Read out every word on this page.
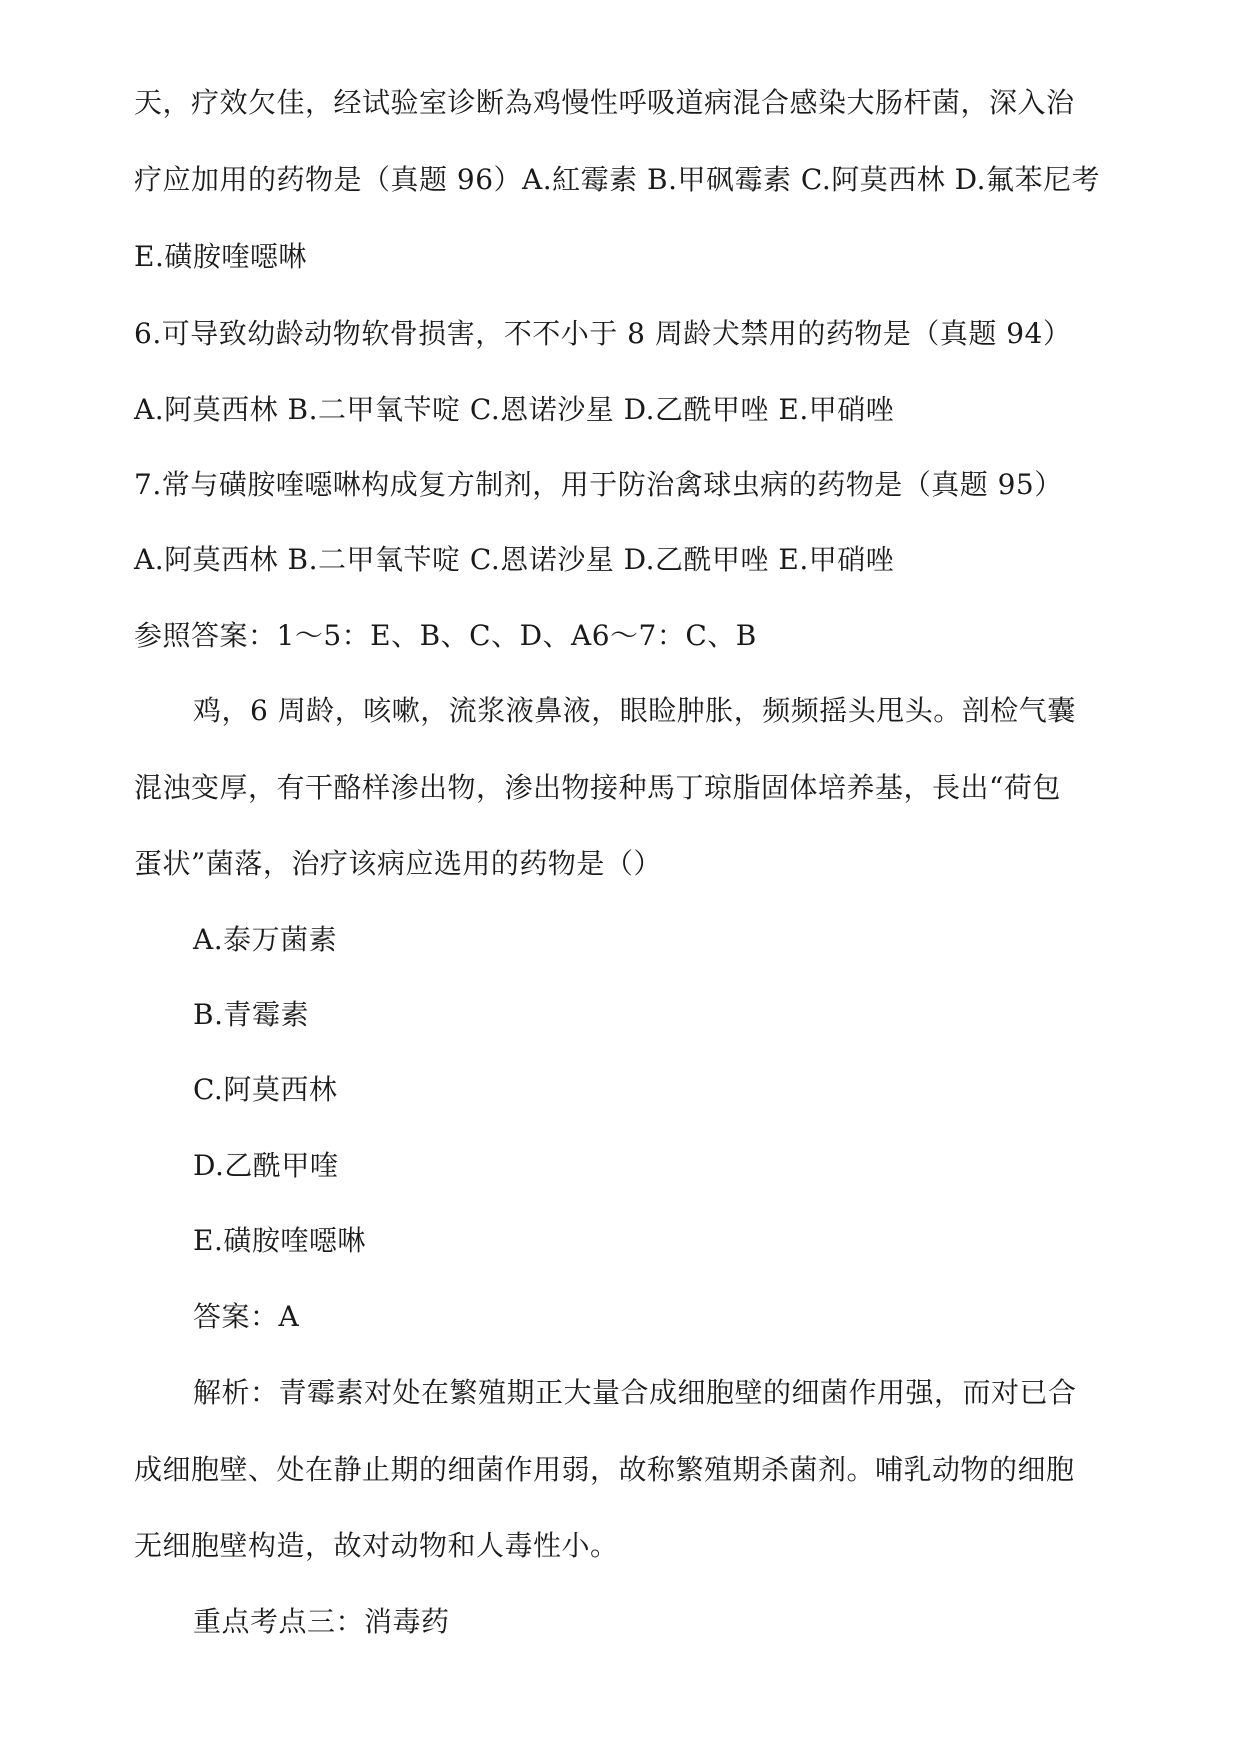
天，疗效欠佳，经试验室诊断為鸡慢性呼吸道病混合感染大肠杆菌，深入治
疗应加用的药物是（真题 96）A.紅霉素 B.甲砜霉素 C.阿莫西林 D.氟苯尼考
E.磺胺喹噁啉
6.可导致幼龄动物软骨损害，不不小于 8 周龄犬禁用的药物是（真题 94）
A.阿莫西林 B.二甲氧苄啶 C.恩诺沙星 D.乙酰甲唑 E.甲硝唑
7.常与磺胺喹噁啉构成复方制剂，用于防治禽球虫病的药物是（真题 95）
A.阿莫西林 B.二甲氧苄啶 C.恩诺沙星 D.乙酰甲唑 E.甲硝唑
参照答案：1～5：E、B、C、D、A6～7：C、B
鸡，6 周龄，咳嗽，流浆液鼻液，眼睑肿胀，频频摇头甩头。剖检气囊
混浊变厚，有干酪样渗出物，渗出物接种馬丁琼脂固体培养基，長出“荷包
蛋状”菌落，治疗该病应选用的药物是（）
A.泰万菌素
B.青霉素
C.阿莫西林
D.乙酰甲喹
E.磺胺喹噁啉
答案：A
解析：青霉素对处在繁殖期正大量合成细胞壁的细菌作用强，而对已合
成细胞壁、处在静止期的细菌作用弱，故称繁殖期杀菌剂。哺乳动物的细胞
无细胞壁构造，故对动物和人毒性小。
重点考点三：消毒药
